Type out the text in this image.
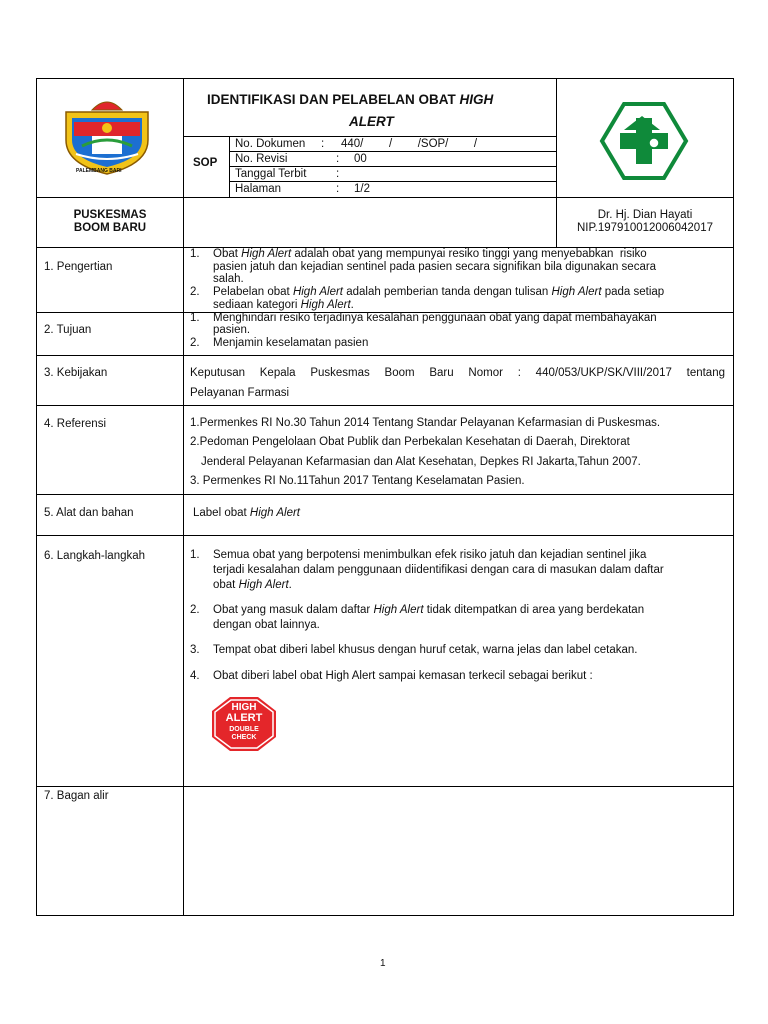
PALEMBANG BARI
IDENTIFIKASI DAN PELABELAN OBAT HIGH
ALERT
SOP
No. Dokumen : 440/        /        /SOP/        /
No. Revisi	: 00
Tanggal Terbit	:
Halaman	: 1/2
PUSKESMAS
BOOM BARU
Dr. Hj. Dian Hayati
NIP.197910012006042017
1. Pengertian
1. Obat High Alert adalah obat yang mempunyai resiko tinggi yang menyebabkan  risiko
pasien jatuh dan kejadian sentinel pada pasien secara signifikan bila digunakan secara
salah.
2. Pelabelan obat High Alert adalah pemberian tanda dengan tulisan High Alert pada setiap
sediaan kategori High Alert.
2. Tujuan
1. Menghindari resiko terjadinya kesalahan penggunaan obat yang dapat membahayakan
pasien.
2. Menjamin keselamatan pasien
3. Kebijakan	Keputusan Kepala Puskesmas Boom Baru Nomor : 440/053/UKP/SK/VIII/2017 tentang
Pelayanan Farmasi
4. Referensi	1.Permenkes RI No.30 Tahun 2014 Tentang Standar Pelayanan Kefarmasian di Puskesmas.
2.Pedoman Pengelolaan Obat Publik dan Perbekalan Kesehatan di Daerah, Direktorat
Jenderal Pelayanan Kefarmasian dan Alat Kesehatan, Depkes RI Jakarta,Tahun 2007.
3. Permenkes RI No.11Tahun 2017 Tentang Keselamatan Pasien.
5. Alat dan bahan	Label obat High Alert
6. Langkah-langkah	1. Semua obat yang berpotensi menimbulkan efek risiko jatuh dan kejadian sentinel jika
terjadi kesalahan dalam penggunaan diidentifikasi dengan cara di masukan dalam daftar
obat High Alert.
2. Obat yang masuk dalam daftar High Alert tidak ditempatkan di area yang berdekatan
dengan obat lainnya.
3. Tempat obat diberi label khusus dengan huruf cetak, warna jelas dan label cetakan.
4. Obat diberi label obat High Alert sampai kemasan terkecil sebagai berikut :
HIGH
ALERT
DOUBLE
CHECK
7. Bagan alir
1
